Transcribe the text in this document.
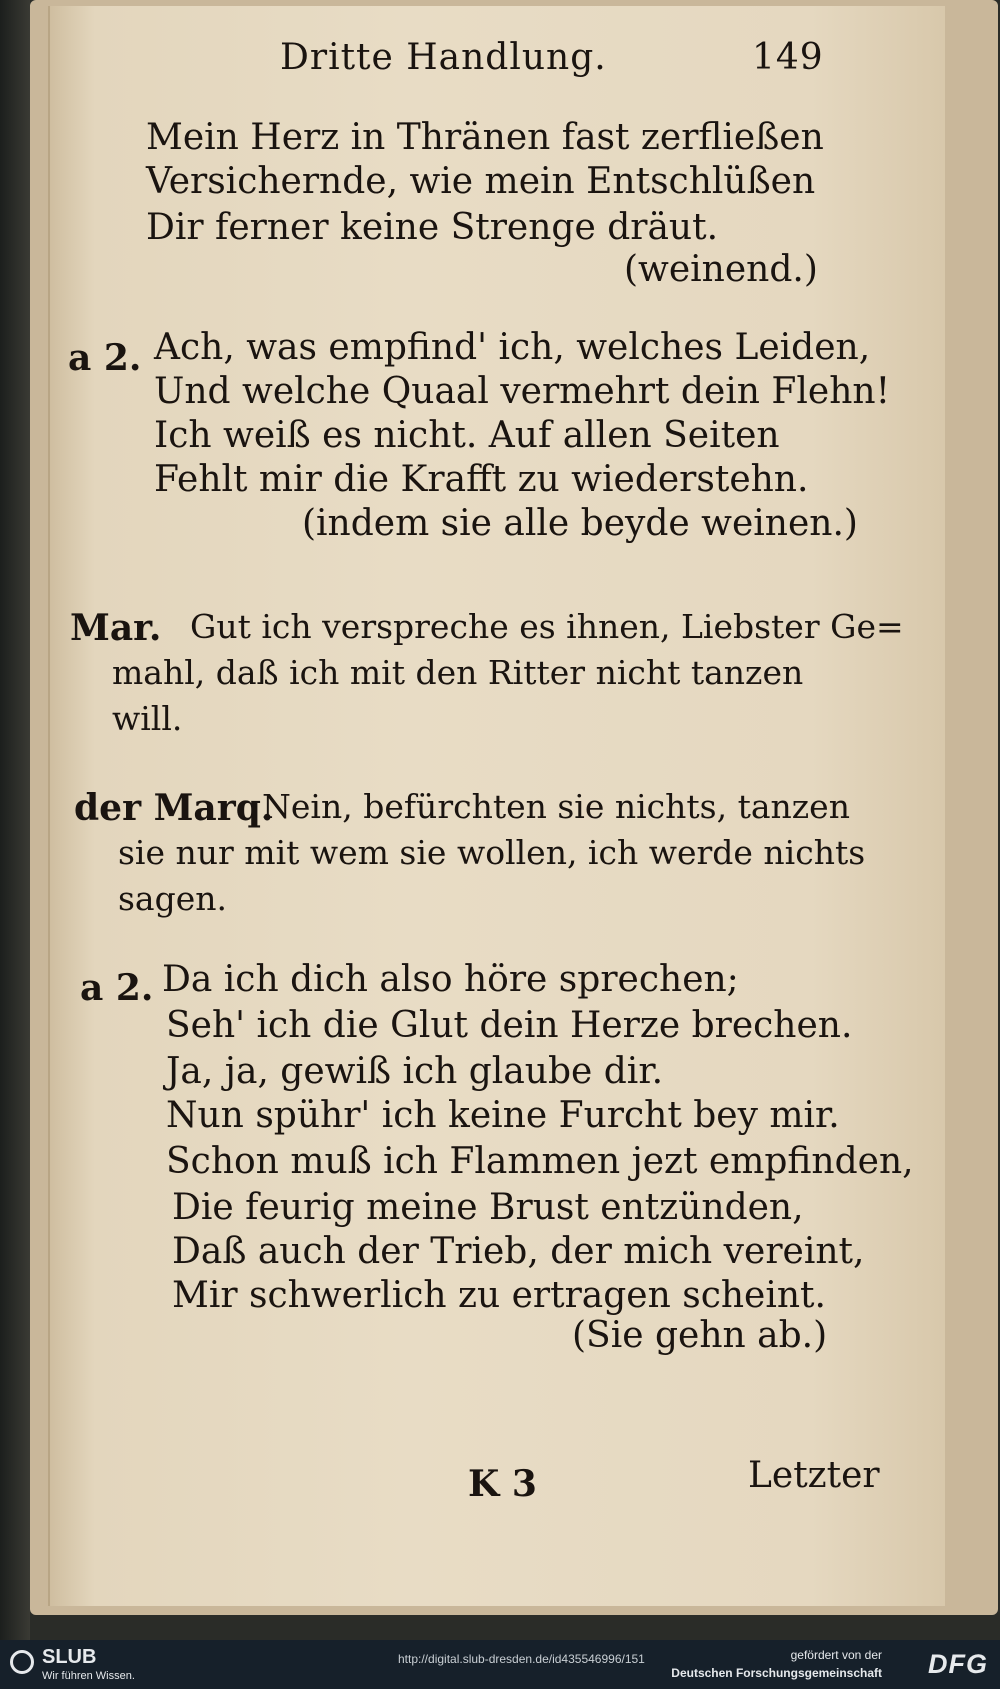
Dritte Handlung.	149
Mein Herz in Thränen fast zerfließen
Versichernde, wie mein Entschlüßen
Dir ferner keine Strenge dräut.
(weinend.)
a 2. Ach, was empfind' ich, welches Leiden,
Und welche Quaal vermehrt dein Flehn!
Ich weiß es nicht. Auf allen Seiten
Fehlt mir die Krafft zu wiederstehn.
(indem sie alle beyde weinen.)
Mar. Gut ich verspreche es ihnen, Liebster Ge=
mahl, daß ich mit den Ritter nicht tanzen
will.
der Marq.
Nein, befürchten sie nichts, tanzen
sie nur mit wem sie wollen, ich werde nichts
sagen.
a 2. Da ich dich also höre sprechen;
Seh' ich die Glut dein Herze brechen.
Ja, ja, gewiß ich glaube dir.
Nun spühr' ich keine Furcht bey mir.
Schon muß ich Flammen jezt empfinden,
Die feurig meine Brust entzünden,
Daß auch der Trieb, der mich vereint,
Mir schwerlich zu ertragen scheint.
(Sie gehn ab.)
K 3	Letzter
SLUB
Wir führen Wissen.
http://digital.slub-dresden.de/id435546996/151	gefördert von der
Deutschen Forschungsgemeinschaft DFG
